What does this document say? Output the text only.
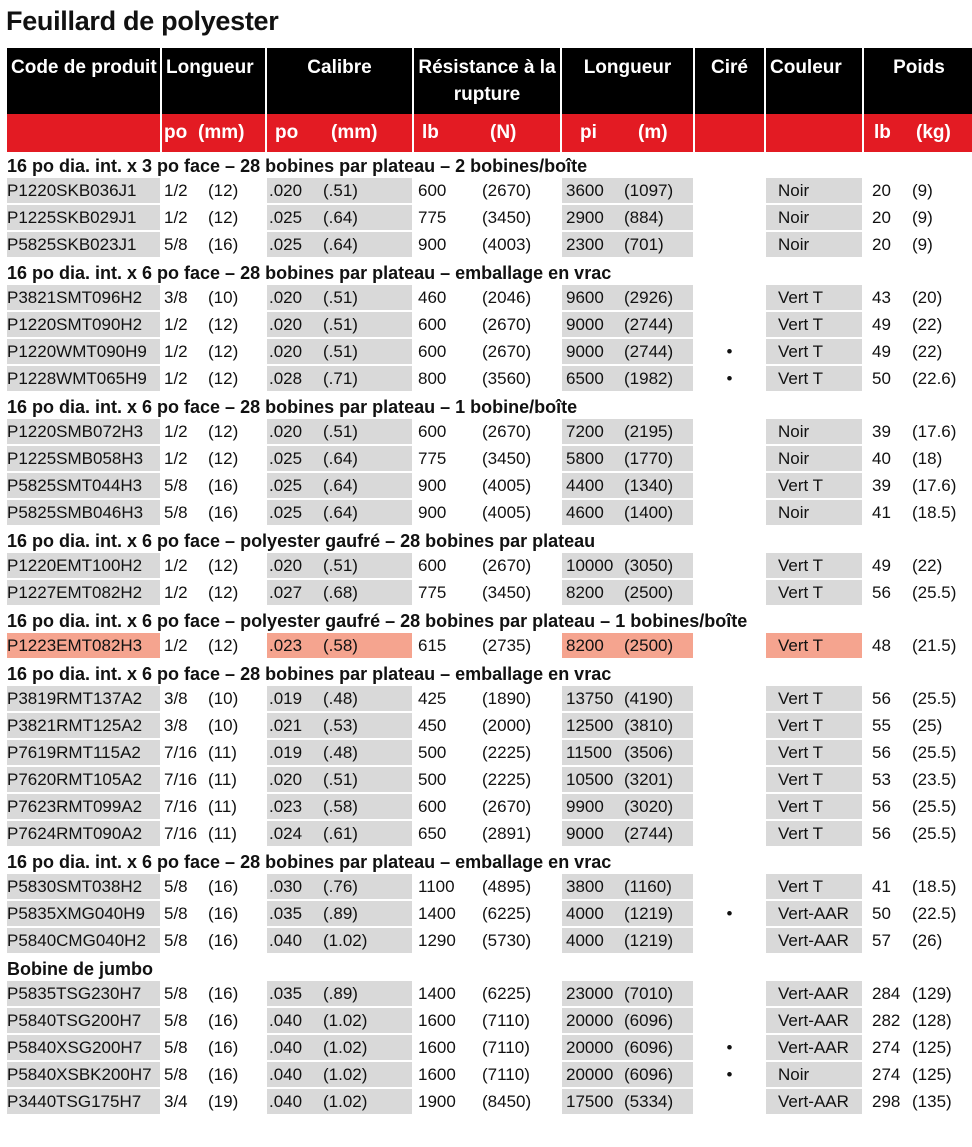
Feuillard de polyester
Code de produit	Longueur	Calibre	Résistance à la rupture	Longueur	Ciré	Couleur	Poids

	po (mm)	po (mm)	lb (N)	pi (m)			lb (kg)

16 po dia. int. x 3 po face – 28 bobines par plateau – 2 bobines/boîte							
P1220SKB036J1	1/2 (12)	.020 (.51)	600 (2670)	3600 (1097)		Noir	20 (9)

P1225SKB029J1	1/2 (12)	.025 (.64)	775 (3450)	2900 (884)		Noir	20 (9)

P5825SKB023J1	5/8 (16)	.025 (.64)	900 (4003)	2300 (701)		Noir	20 (9)

16 po dia. int. x 6 po face – 28 bobines par plateau – emballage en vrac							
P3821SMT096H2	3/8 (10)	.020 (.51)	460 (2046)	9600 (2926)		Vert T	43 (20)

P1220SMT090H2	1/2 (12)	.020 (.51)	600 (2670)	9000 (2744)		Vert T	49 (22)

P1220WMT090H9	1/2 (12)	.020 (.51)	600 (2670)	9000 (2744)	•	Vert T	49 (22)

P1228WMT065H9	1/2 (12)	.028 (.71)	800 (3560)	6500 (1982)	•	Vert T	50 (22.6)

16 po dia. int. x 6 po face – 28 bobines par plateau – 1 bobine/boîte							
P1220SMB072H3	1/2 (12)	.020 (.51)	600 (2670)	7200 (2195)		Noir	39 (17.6)

P1225SMB058H3	1/2 (12)	.025 (.64)	775 (3450)	5800 (1770)		Noir	40 (18)

P5825SMT044H3	5/8 (16)	.025 (.64)	900 (4005)	4400 (1340)		Vert T	39 (17.6)

P5825SMB046H3	5/8 (16)	.025 (.64)	900 (4005)	4600 (1400)		Noir	41 (18.5)

16 po dia. int. x 6 po face – polyester gaufré – 28 bobines par plateau							
P1220EMT100H2	1/2 (12)	.020 (.51)	600 (2670)	10000 (3050)		Vert T	49 (22)

P1227EMT082H2	1/2 (12)	.027 (.68)	775 (3450)	8200 (2500)		Vert T	56 (25.5)

16 po dia. int. x 6 po face – polyester gaufré – 28 bobines par plateau – 1 bobines/boîte							
P1223EMT082H3	1/2 (12)	.023 (.58)	615 (2735)	8200 (2500)		Vert T	48 (21.5)

16 po dia. int. x 6 po face – 28 bobines par plateau – emballage en vrac							
P3819RMT137A2	3/8 (10)	.019 (.48)	425 (1890)	13750 (4190)		Vert T	56 (25.5)

P3821RMT125A2	3/8 (10)	.021 (.53)	450 (2000)	12500 (3810)		Vert T	55 (25)

P7619RMT115A2	7/16 (11)	.019 (.48)	500 (2225)	11500 (3506)		Vert T	56 (25.5)

P7620RMT105A2	7/16 (11)	.020 (.51)	500 (2225)	10500 (3201)		Vert T	53 (23.5)

P7623RMT099A2	7/16 (11)	.023 (.58)	600 (2670)	9900 (3020)		Vert T	56 (25.5)

P7624RMT090A2	7/16 (11)	.024 (.61)	650 (2891)	9000 (2744)		Vert T	56 (25.5)

16 po dia. int. x 6 po face – 28 bobines par plateau – emballage en vrac							
P5830SMT038H2	5/8 (16)	.030 (.76)	1100 (4895)	3800 (1160)		Vert T	41 (18.5)

P5835XMG040H9	5/8 (16)	.035 (.89)	1400 (6225)	4000 (1219)	•	Vert-AAR	50 (22.5)

P5840CMG040H2	5/8 (16)	.040 (1.02)	1290 (5730)	4000 (1219)		Vert-AAR	57 (26)

Bobine de jumbo							
P5835TSG230H7	5/8 (16)	.035 (.89)	1400 (6225)	23000 (7010)		Vert-AAR	284 (129)

P5840TSG200H7	5/8 (16)	.040 (1.02)	1600 (7110)	20000 (6096)		Vert-AAR	282 (128)

P5840XSG200H7	5/8 (16)	.040 (1.02)	1600 (7110)	20000 (6096)	•	Vert-AAR	274 (125)

P5840XSBK200H7	5/8 (16)	.040 (1.02)	1600 (7110)	20000 (6096)	•	Noir	274 (125)

P3440TSG175H7	3/4 (19)	.040 (1.02)	1900 (8450)	17500 (5334)		Vert-AAR	298 (135)
